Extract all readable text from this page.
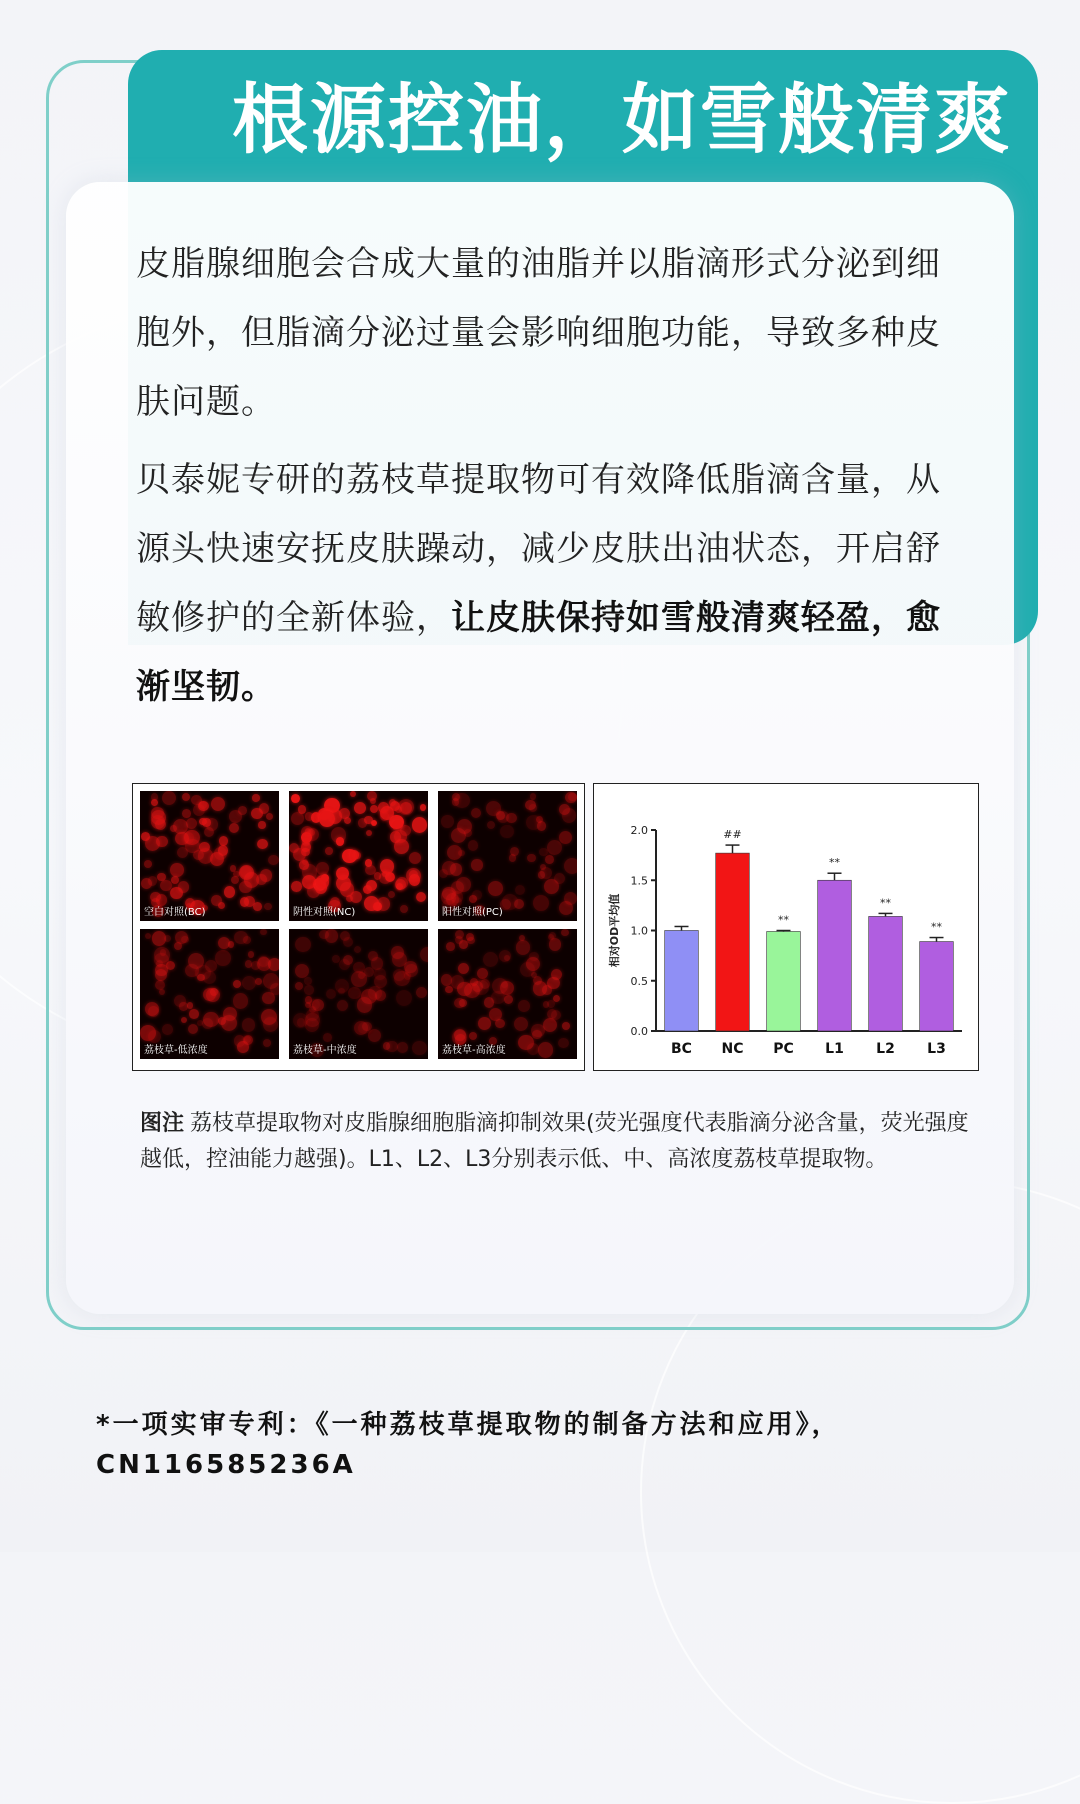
根源控油，如雪般清爽

皮脂腺细胞会合成大量的油脂并以脂滴形式分泌到细胞外，但脂滴分泌过量会影响细胞功能，导致多种皮肤问题。

贝泰妮专研的荔枝草提取物可有效降低脂滴含量，从源头快速安抚皮肤躁动，减少皮肤出油状态，开启舒敏修护的全新体验，让皮肤保持如雪般清爽轻盈，愈渐坚韧。

空白对照(BC)	阴性对照(NC)	阳性对照(PC)
荔枝草-低浓度	荔枝草-中浓度	荔枝草-高浓度
0.0
0.5
1.0
1.5
2.0
相对OD平均值
BC
##
NC
**
PC
**
L1
**
L2
**
L3

图注 荔枝草提取物对皮脂腺细胞脂滴抑制效果(荧光强度代表脂滴分泌含量，荧光强度越低，控油能力越强)。L1、L2、L3分别表示低、中、高浓度荔枝草提取物。

*一项实审专利：《一种荔枝草提取物的制备方法和应用》，CN116585236A
